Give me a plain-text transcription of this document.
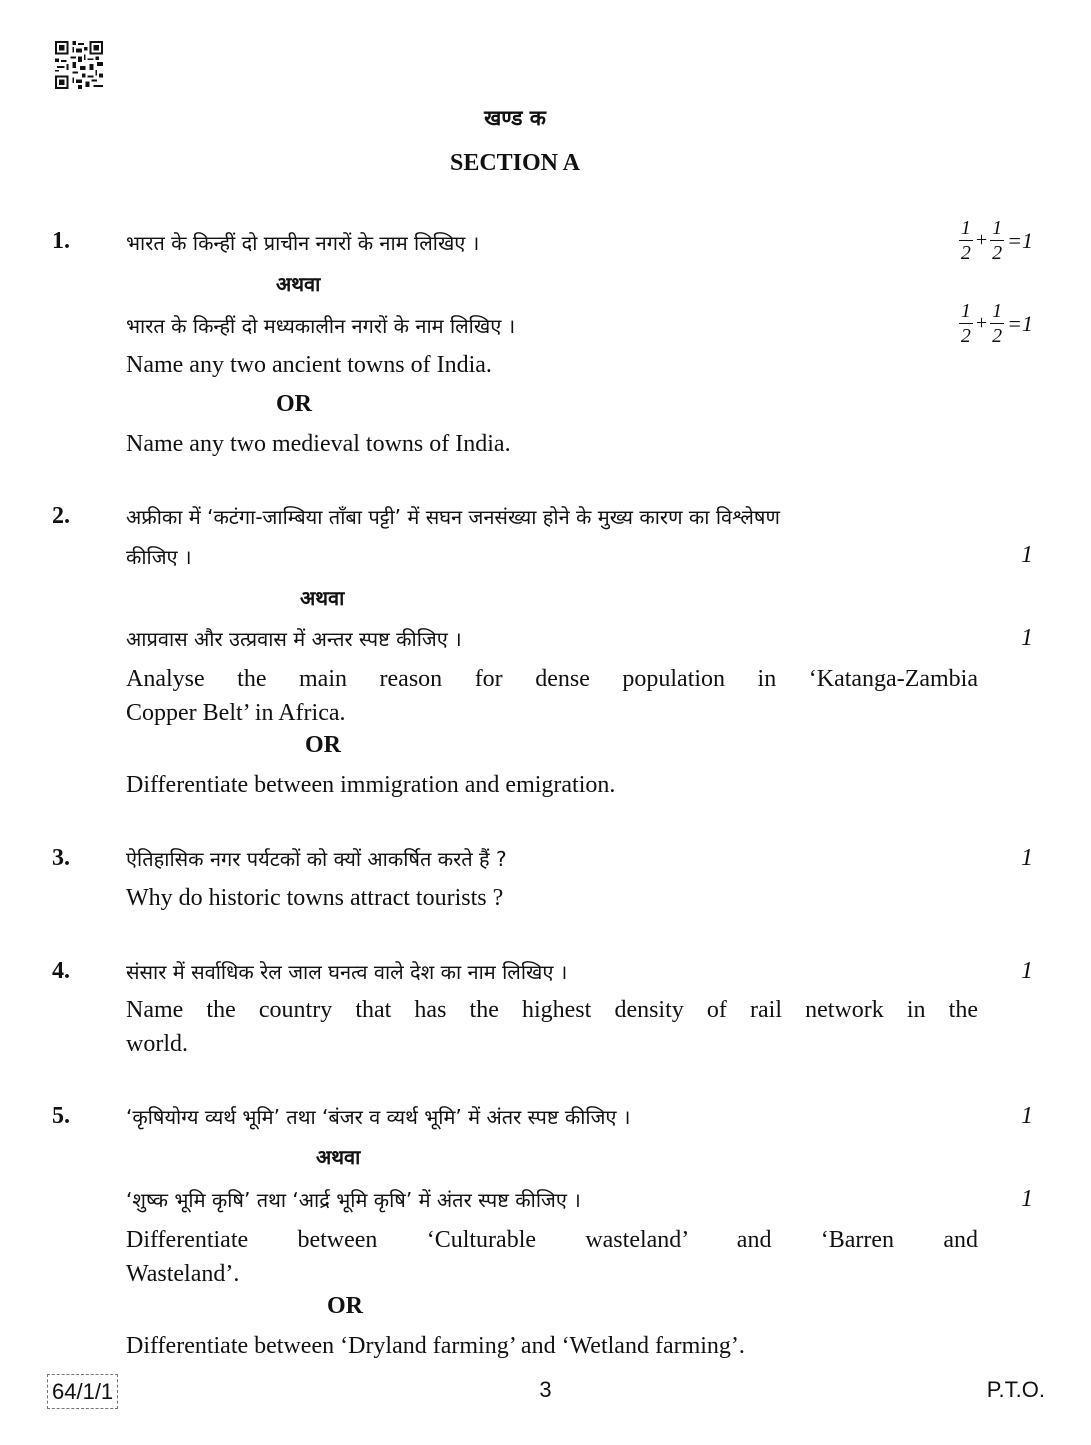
खण्ड क
SECTION A
1.	भारत के किन्हीं दो प्राचीन नगरों के नाम लिखिए ।	$\frac{1}{2} + \frac{1}{2} =1$
अथवा
भारत के किन्हीं दो मध्यकालीन नगरों के नाम लिखिए ।	$\frac{1}{2} + \frac{1}{2} =1$
Name any two ancient towns of India.
OR
Name any two medieval towns of India.
2.	अफ्रीका में ‘कटंगा-जाम्बिया ताँबा पट्टी’ में सघन जनसंख्या होने के मुख्य कारण का विश्लेषण
कीजिए ।	1
अथवा
आप्रवास और उत्प्रवास में अन्तर स्पष्ट कीजिए ।	1
Analyse the main reason for dense population in ‘Katanga-Zambia
Copper Belt’ in Africa.
OR
Differentiate between immigration and emigration.
3.	ऐतिहासिक नगर पर्यटकों को क्यों आकर्षित करते हैं ?	1
Why do historic towns attract tourists ?
4.	संसार में सर्वाधिक रेल जाल घनत्व वाले देश का नाम लिखिए ।	1
Name the country that has the highest density of rail network in the
world.
5.	‘कृषियोग्य व्यर्थ भूमि’ तथा ‘बंजर व व्यर्थ भूमि’ में अंतर स्पष्ट कीजिए ।	1
अथवा
‘शुष्क भूमि कृषि’ तथा ‘आर्द्र भूमि कृषि’ में अंतर स्पष्ट कीजिए ।	1
Differentiate between ‘Culturable wasteland’ and ‘Barren and
Wasteland’.
OR
Differentiate between ‘Dryland farming’ and ‘Wetland farming’.
64/1/1	3	P.T.O.
